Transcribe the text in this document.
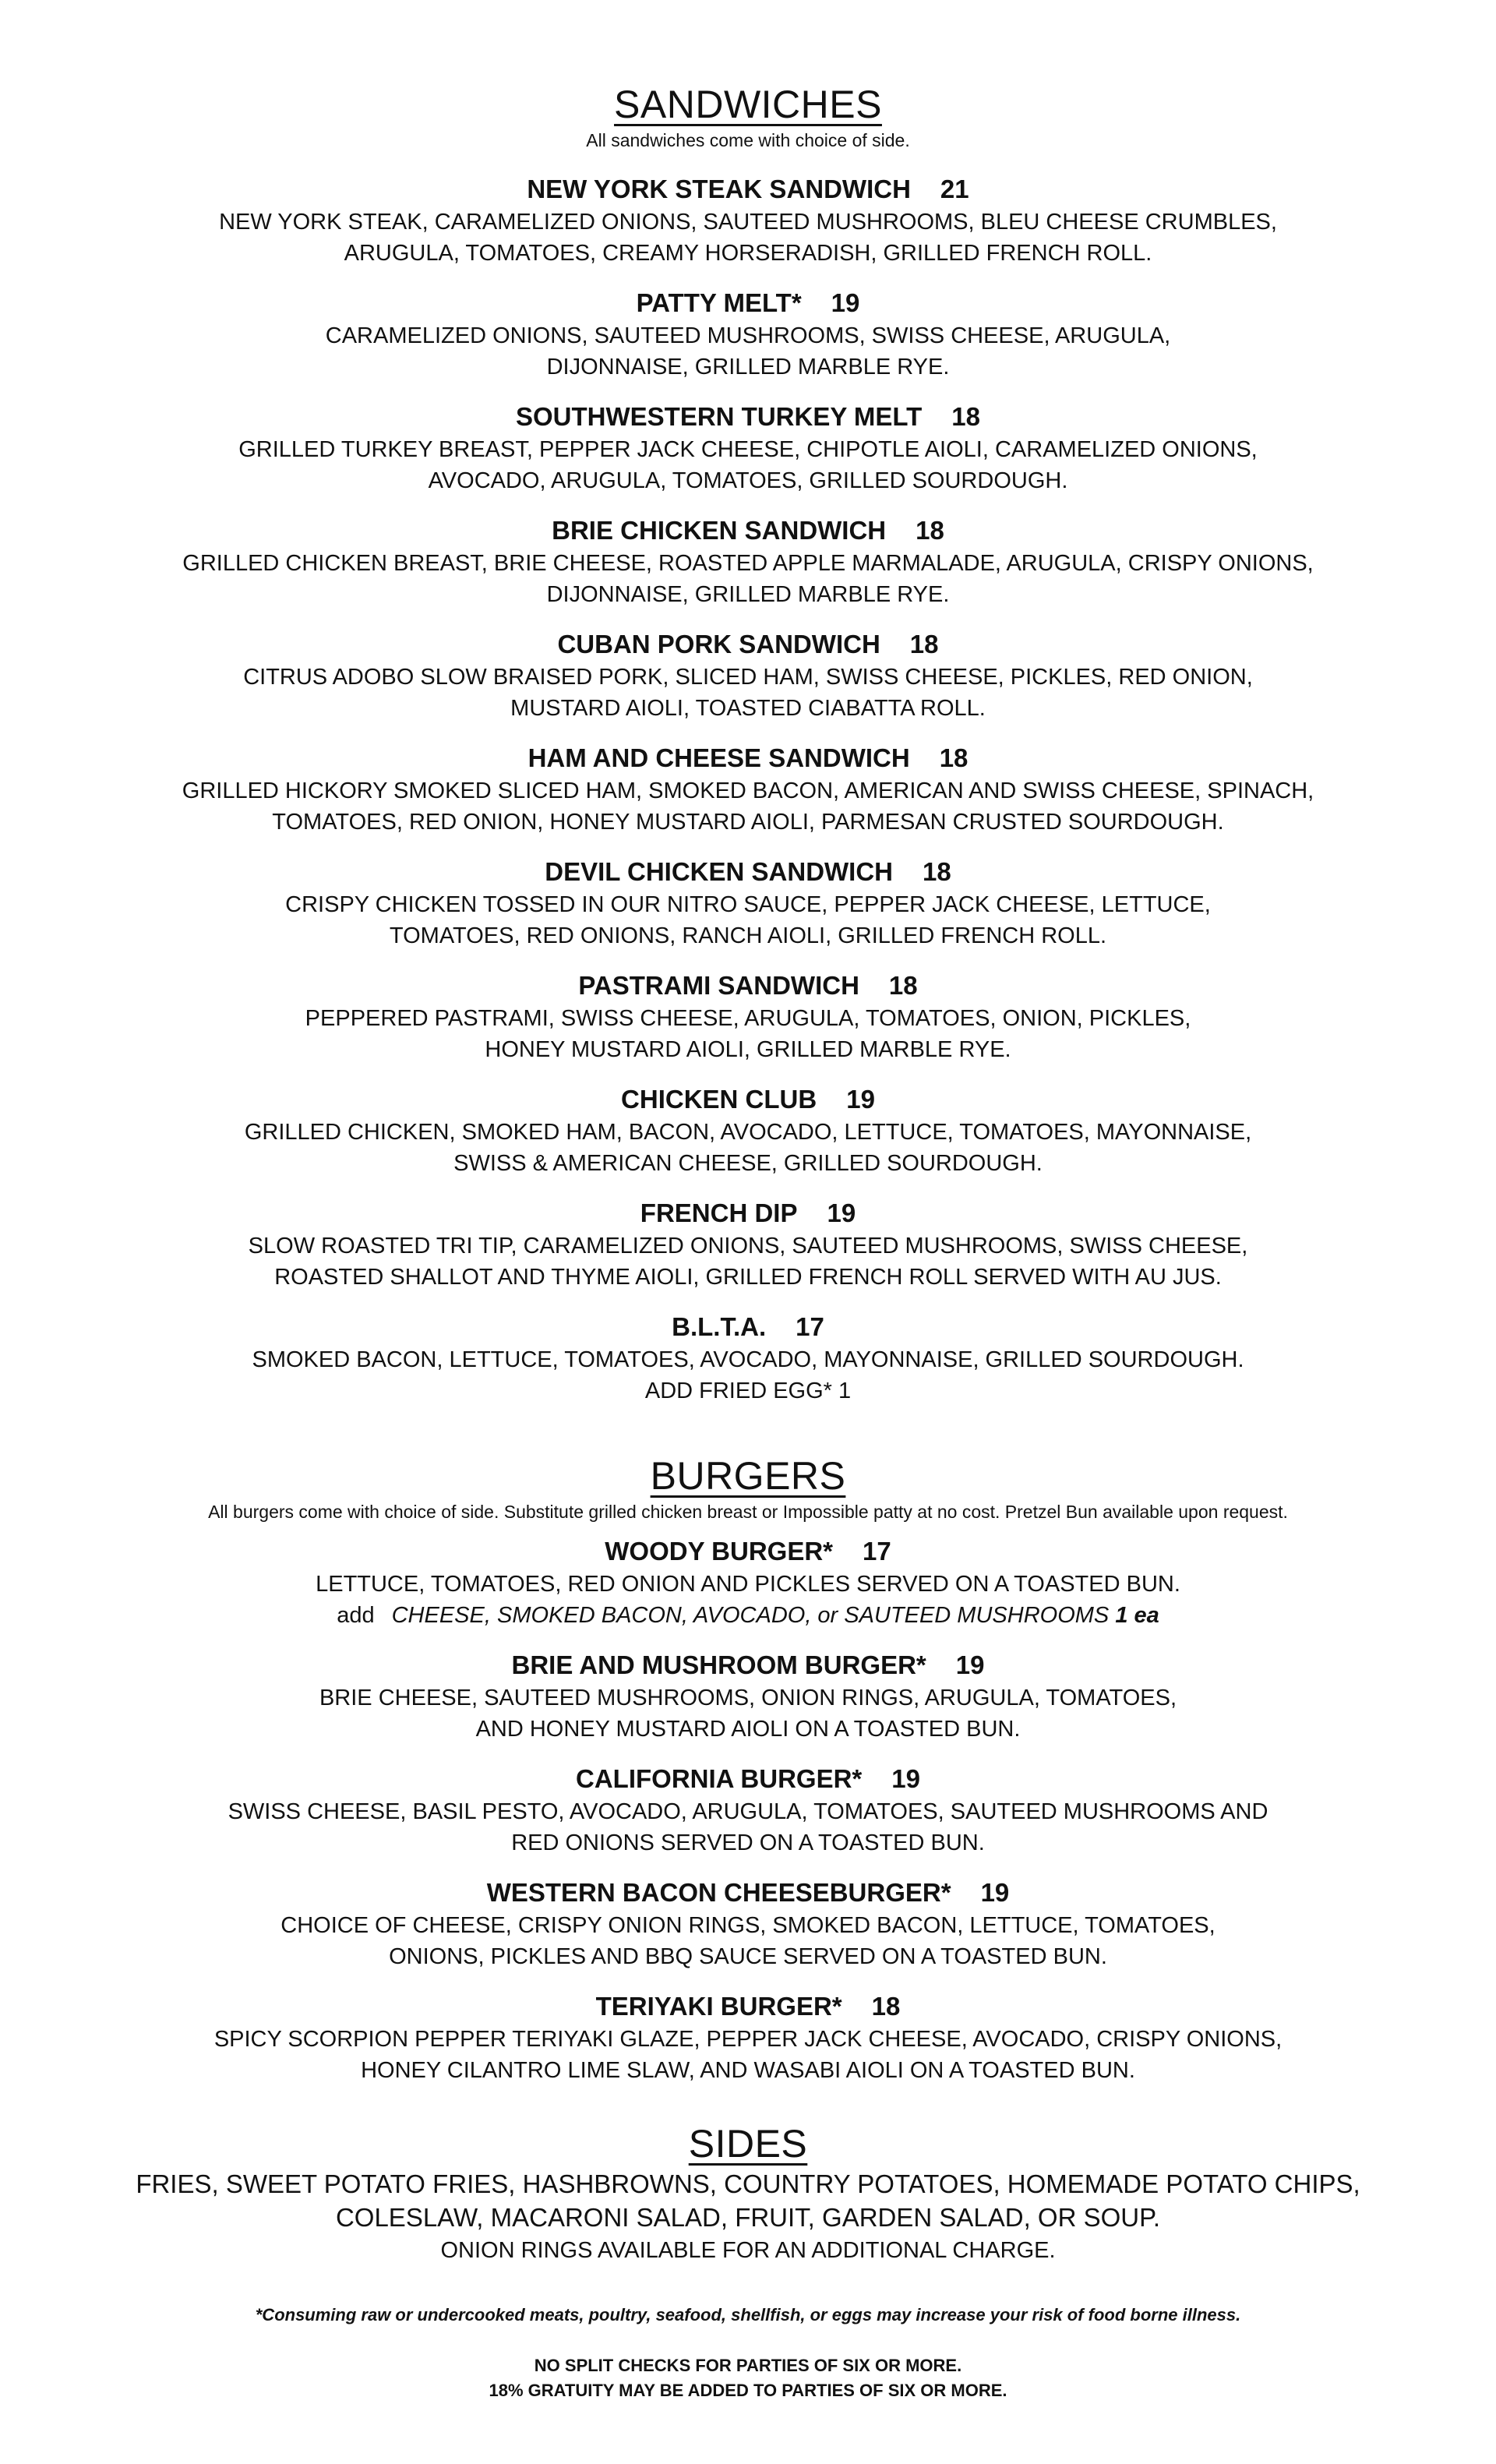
SANDWICHES
All sandwiches come with choice of side.
NEW YORK STEAK SANDWICH 21
NEW YORK STEAK, CARAMELIZED ONIONS, SAUTEED MUSHROOMS, BLEU CHEESE CRUMBLES,
ARUGULA, TOMATOES, CREAMY HORSERADISH, GRILLED FRENCH ROLL.
PATTY MELT* 19
CARAMELIZED ONIONS, SAUTEED MUSHROOMS, SWISS CHEESE, ARUGULA,
DIJONNAISE, GRILLED MARBLE RYE.
SOUTHWESTERN TURKEY MELT 18
GRILLED TURKEY BREAST, PEPPER JACK CHEESE, CHIPOTLE AIOLI, CARAMELIZED ONIONS,
AVOCADO, ARUGULA, TOMATOES, GRILLED SOURDOUGH.
BRIE CHICKEN SANDWICH 18
GRILLED CHICKEN BREAST, BRIE CHEESE, ROASTED APPLE MARMALADE, ARUGULA, CRISPY ONIONS,
DIJONNAISE, GRILLED MARBLE RYE.
CUBAN PORK SANDWICH 18
CITRUS ADOBO SLOW BRAISED PORK, SLICED HAM, SWISS CHEESE, PICKLES, RED ONION,
MUSTARD AIOLI, TOASTED CIABATTA ROLL.
HAM AND CHEESE SANDWICH 18
GRILLED HICKORY SMOKED SLICED HAM, SMOKED BACON, AMERICAN AND SWISS CHEESE, SPINACH,
TOMATOES, RED ONION, HONEY MUSTARD AIOLI, PARMESAN CRUSTED SOURDOUGH.
DEVIL CHICKEN SANDWICH 18
CRISPY CHICKEN TOSSED IN OUR NITRO SAUCE, PEPPER JACK CHEESE, LETTUCE,
TOMATOES, RED ONIONS, RANCH AIOLI, GRILLED FRENCH ROLL.
PASTRAMI SANDWICH 18
PEPPERED PASTRAMI, SWISS CHEESE, ARUGULA, TOMATOES, ONION, PICKLES,
HONEY MUSTARD AIOLI, GRILLED MARBLE RYE.
CHICKEN CLUB 19
GRILLED CHICKEN, SMOKED HAM, BACON, AVOCADO, LETTUCE, TOMATOES, MAYONNAISE,
SWISS & AMERICAN CHEESE, GRILLED SOURDOUGH.
FRENCH DIP 19
SLOW ROASTED TRI TIP, CARAMELIZED ONIONS, SAUTEED MUSHROOMS, SWISS CHEESE,
ROASTED SHALLOT AND THYME AIOLI, GRILLED FRENCH ROLL SERVED WITH AU JUS.
B.L.T.A. 17
SMOKED BACON, LETTUCE, TOMATOES, AVOCADO, MAYONNAISE, GRILLED SOURDOUGH.
ADD FRIED EGG* 1
BURGERS
All burgers come with choice of side. Substitute grilled chicken breast or Impossible patty at no cost. Pretzel Bun available upon request.
WOODY BURGER* 17
LETTUCE, TOMATOES, RED ONION AND PICKLES SERVED ON A TOASTED BUN.
add CHEESE, SMOKED BACON, AVOCADO, or SAUTEED MUSHROOMS 1 ea
BRIE AND MUSHROOM BURGER* 19
BRIE CHEESE, SAUTEED MUSHROOMS, ONION RINGS, ARUGULA, TOMATOES,
AND HONEY MUSTARD AIOLI ON A TOASTED BUN.
CALIFORNIA BURGER* 19
SWISS CHEESE, BASIL PESTO, AVOCADO, ARUGULA, TOMATOES, SAUTEED MUSHROOMS AND
RED ONIONS SERVED ON A TOASTED BUN.
WESTERN BACON CHEESEBURGER* 19
CHOICE OF CHEESE, CRISPY ONION RINGS, SMOKED BACON, LETTUCE, TOMATOES,
ONIONS, PICKLES AND BBQ SAUCE SERVED ON A TOASTED BUN.
TERIYAKI BURGER* 18
SPICY SCORPION PEPPER TERIYAKI GLAZE, PEPPER JACK CHEESE, AVOCADO, CRISPY ONIONS,
HONEY CILANTRO LIME SLAW, AND WASABI AIOLI ON A TOASTED BUN.
SIDES
FRIES, SWEET POTATO FRIES, HASHBROWNS, COUNTRY POTATOES, HOMEMADE POTATO CHIPS,
COLESLAW, MACARONI SALAD, FRUIT, GARDEN SALAD, OR SOUP.
ONION RINGS AVAILABLE FOR AN ADDITIONAL CHARGE.
*Consuming raw or undercooked meats, poultry, seafood, shellfish, or eggs may increase your risk of food borne illness.
NO SPLIT CHECKS FOR PARTIES OF SIX OR MORE.
18% GRATUITY MAY BE ADDED TO PARTIES OF SIX OR MORE.
